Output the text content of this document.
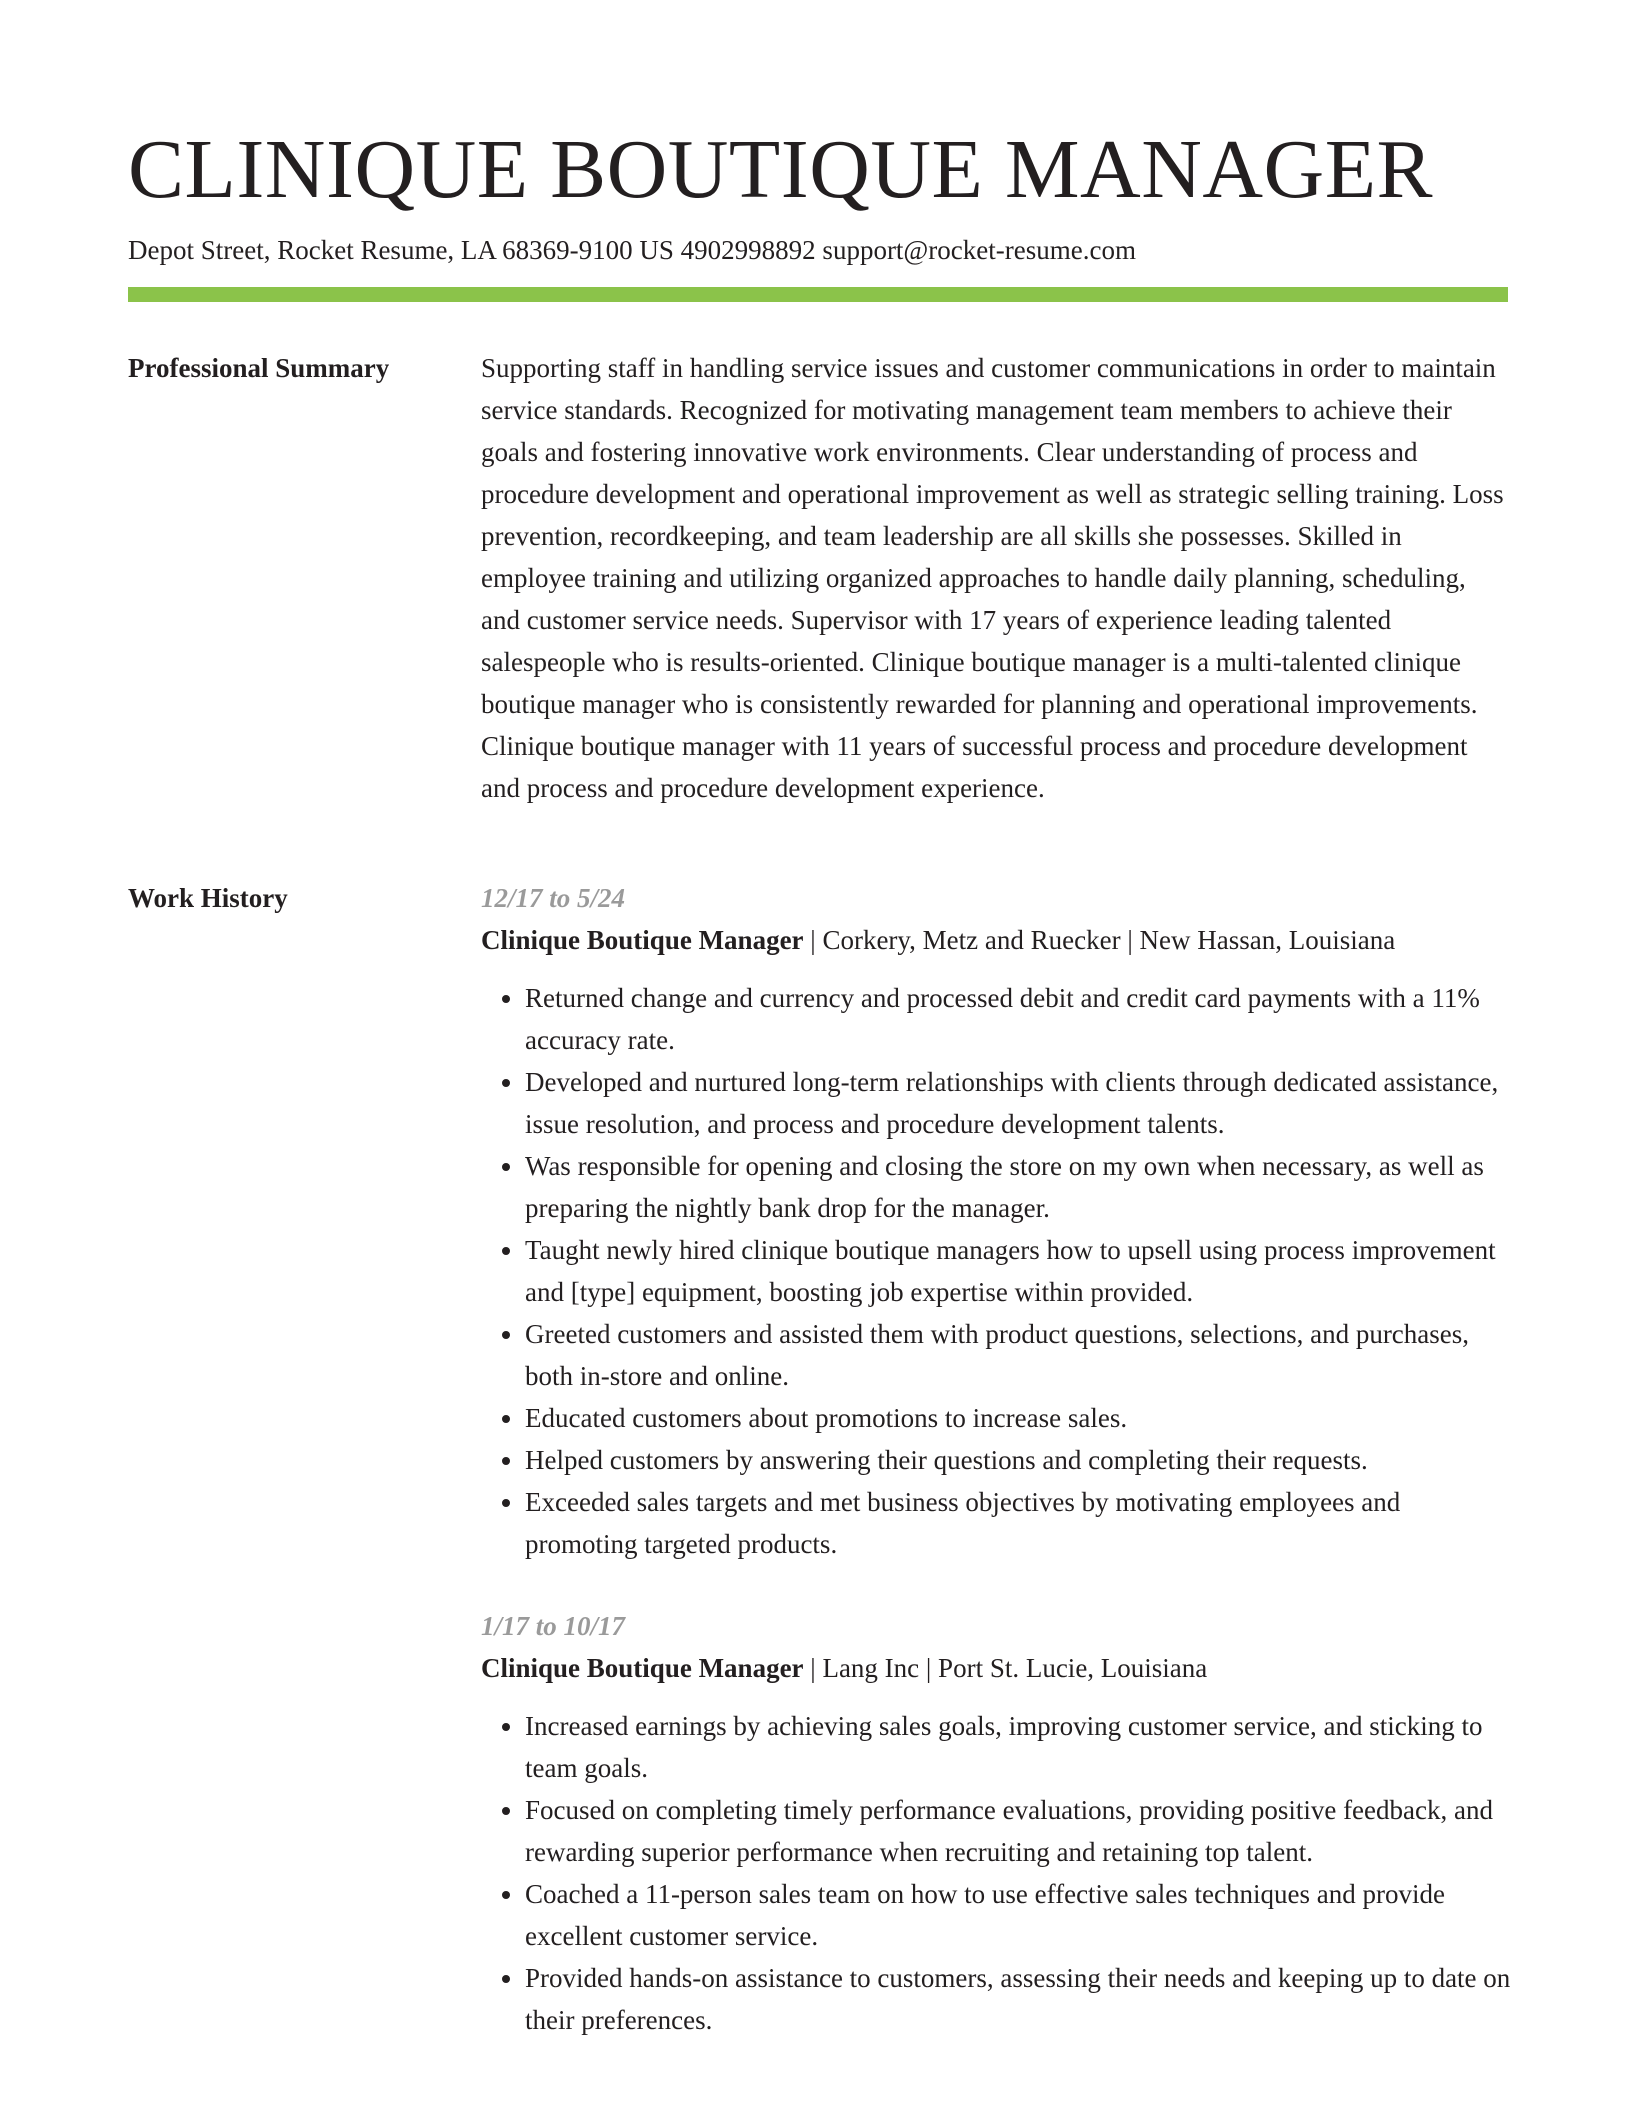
CLINIQUE BOUTIQUE MANAGER
Depot Street, Rocket Resume, LA 68369-9100 US 4902998892 support@rocket-resume.com
Professional Summary	Supporting staff in handling service issues and customer communications in order to maintain service standards. Recognized for motivating management team members to achieve their goals and fostering innovative work environments. Clear understanding of process and procedure development and operational improvement as well as strategic selling training. Loss prevention, recordkeeping, and team leadership are all skills she possesses. Skilled in employee training and utilizing organized approaches to handle daily planning, scheduling, and customer service needs. Supervisor with 17 years of experience leading talented salespeople who is results-oriented. Clinique boutique manager is a multi-talented clinique boutique manager who is consistently rewarded for planning and operational improvements. Clinique boutique manager with 11 years of successful process and procedure development and process and procedure development experience.

Work History	12/17 to 5/24
Clinique Boutique Manager | Corkery, Metz and Ruecker | New Hassan, Louisiana
• Returned change and currency and processed debit and credit card payments with a 11% accuracy rate.
• Developed and nurtured long-term relationships with clients through dedicated assistance, issue resolution, and process and procedure development talents.
• Was responsible for opening and closing the store on my own when necessary, as well as preparing the nightly bank drop for the manager.
• Taught newly hired clinique boutique managers how to upsell using process improvement and [type] equipment, boosting job expertise within provided.
• Greeted customers and assisted them with product questions, selections, and purchases, both in-store and online.
• Educated customers about promotions to increase sales.
• Helped customers by answering their questions and completing their requests.
• Exceeded sales targets and met business objectives by motivating employees and promoting targeted products.
1/17 to 10/17
Clinique Boutique Manager | Lang Inc | Port St. Lucie, Louisiana
• Increased earnings by achieving sales goals, improving customer service, and sticking to team goals.
• Focused on completing timely performance evaluations, providing positive feedback, and rewarding superior performance when recruiting and retaining top talent.
• Coached a 11-person sales team on how to use effective sales techniques and provide excellent customer service.
• Provided hands-on assistance to customers, assessing their needs and keeping up to date on their preferences.
